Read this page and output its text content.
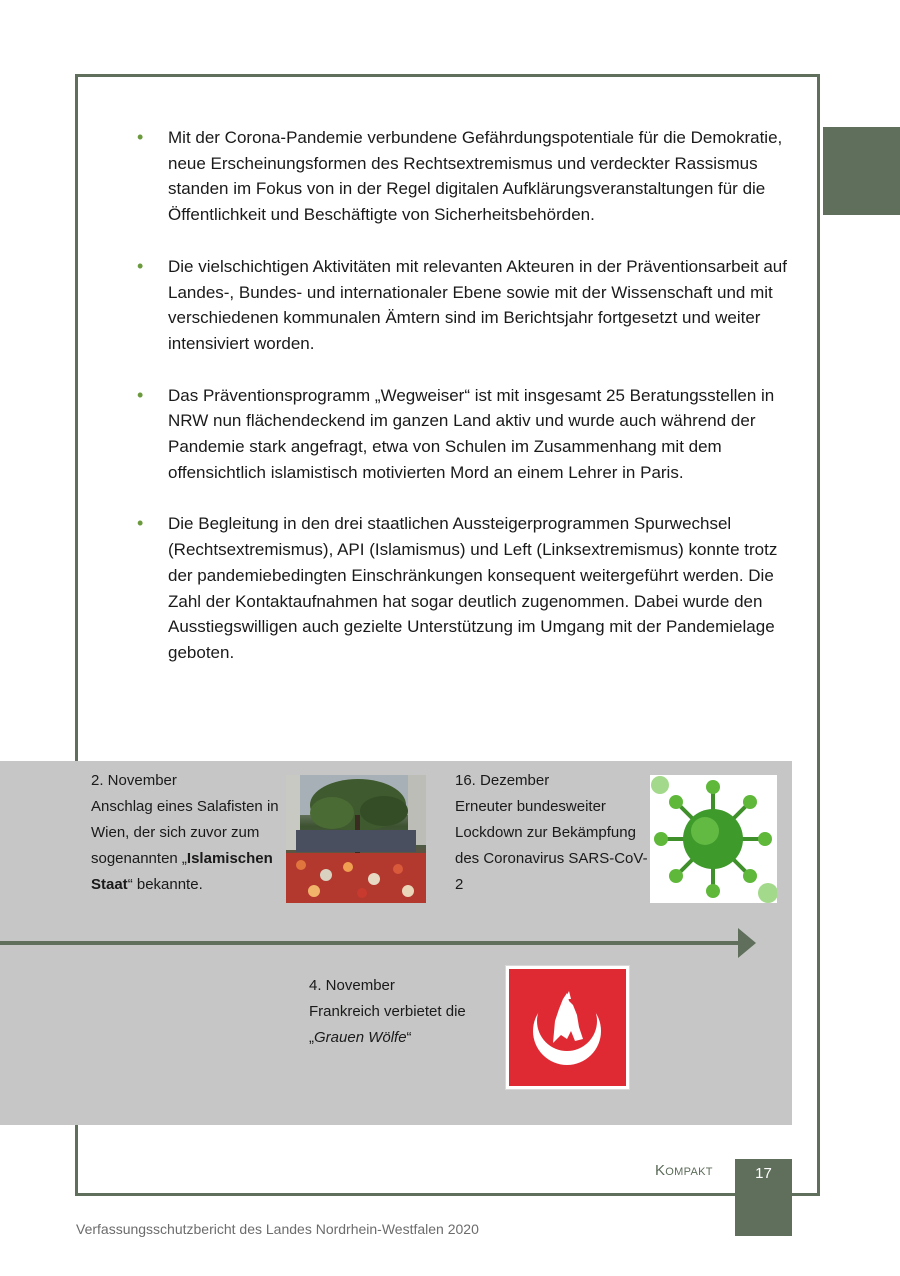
• Mit der Corona-Pandemie verbundene Gefährdungspotentiale für die Demokratie, neue Erscheinungsformen des Rechtsextremismus und verdeckter Rassismus standen im Fokus von in der Regel digitalen Aufklärungsveranstaltungen für die Öffentlichkeit und Beschäftigte von Sicherheitsbehörden.
• Die vielschichtigen Aktivitäten mit relevanten Akteuren in der Präventionsarbeit auf Landes-, Bundes- und internationaler Ebene sowie mit der Wissenschaft und mit verschiedenen kommunalen Ämtern sind im Berichtsjahr fortgesetzt und weiter intensiviert worden.
• Das Präventionsprogramm „Wegweiser“ ist mit insgesamt 25 Beratungsstellen in NRW nun flächendeckend im ganzen Land aktiv und wurde auch während der Pandemie stark angefragt, etwa von Schulen im Zusammenhang mit dem offensichtlich islamistisch motivierten Mord an einem Lehrer in Paris.
• Die Begleitung in den drei staatlichen Aussteigerprogrammen Spurwechsel (Rechtsextremismus), API (Islamismus) und Left (Linksextremismus) konnte trotz der pandemiebedingten Einschränkungen konsequent weitergeführt werden. Die Zahl der Kontaktaufnahmen hat sogar deutlich zugenommen. Dabei wurde den Ausstiegswilligen auch gezielte Unterstützung im Umgang mit der Pandemielage geboten.
2. November
Anschlag eines Salafisten in Wien, der sich zuvor zum sogenannten „Islamischen Staat“ bekannte.
16. Dezember
Erneuter bundesweiter Lockdown zur Bekämpfung des Coronavirus SARS-CoV-2
4. November
Frankreich verbietet die
„Grauen Wölfe“
Kompakt	17
Verfassungsschutzbericht des Landes Nordrhein-Westfalen 2020
